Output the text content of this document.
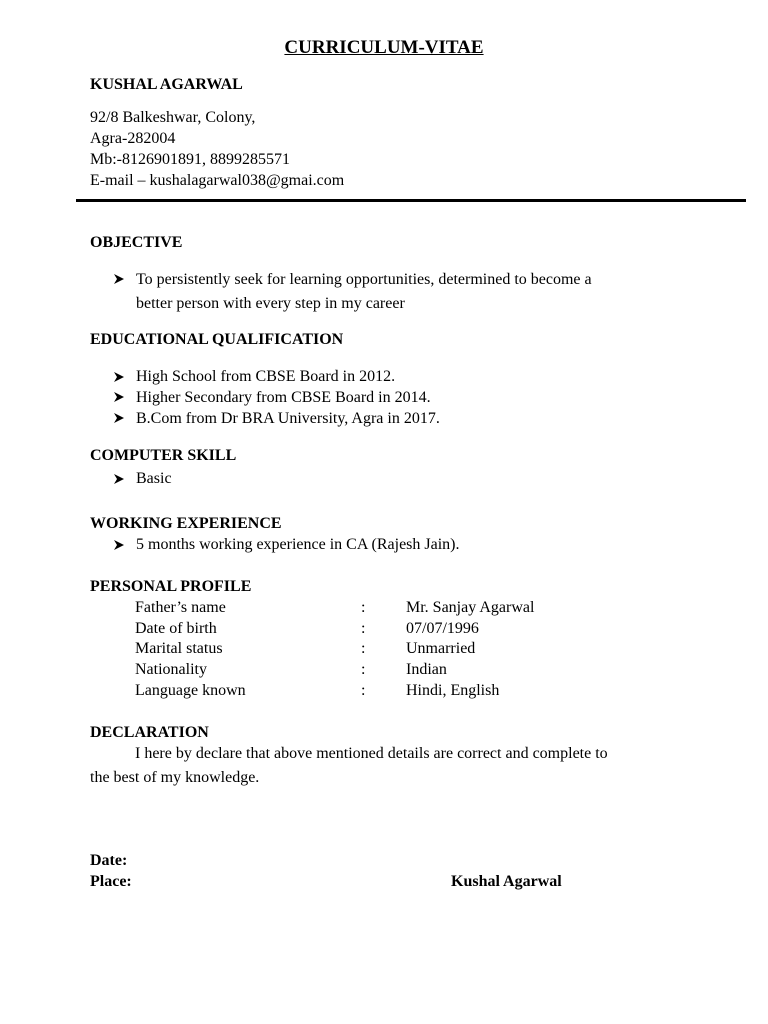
CURRICULUM-VITAE
KUSHAL AGARWAL
92/8 Balkeshwar, Colony,
Agra-282004
Mb:-8126901891, 8899285571
E-mail – kushalagarwal038@gmai.com
OBJECTIVE
To persistently seek for learning opportunities, determined to become a
better person with every step in my career
EDUCATIONAL QUALIFICATION
High School from CBSE Board in 2012.
Higher Secondary from CBSE Board in 2014.
B.Com from Dr BRA University, Agra in 2017.
COMPUTER SKILL
Basic
WORKING EXPERIENCE
5 months working experience in CA (Rajesh Jain).
PERSONAL PROFILE
Father’s name	:	Mr. Sanjay Agarwal
Date of birth	:	07/07/1996
Marital status	:	Unmarried
Nationality	:	Indian
Language known	:	Hindi, English
DECLARATION
I here by declare that above mentioned details are correct and complete to
the best of my knowledge.
Date:
Place:	Kushal Agarwal
